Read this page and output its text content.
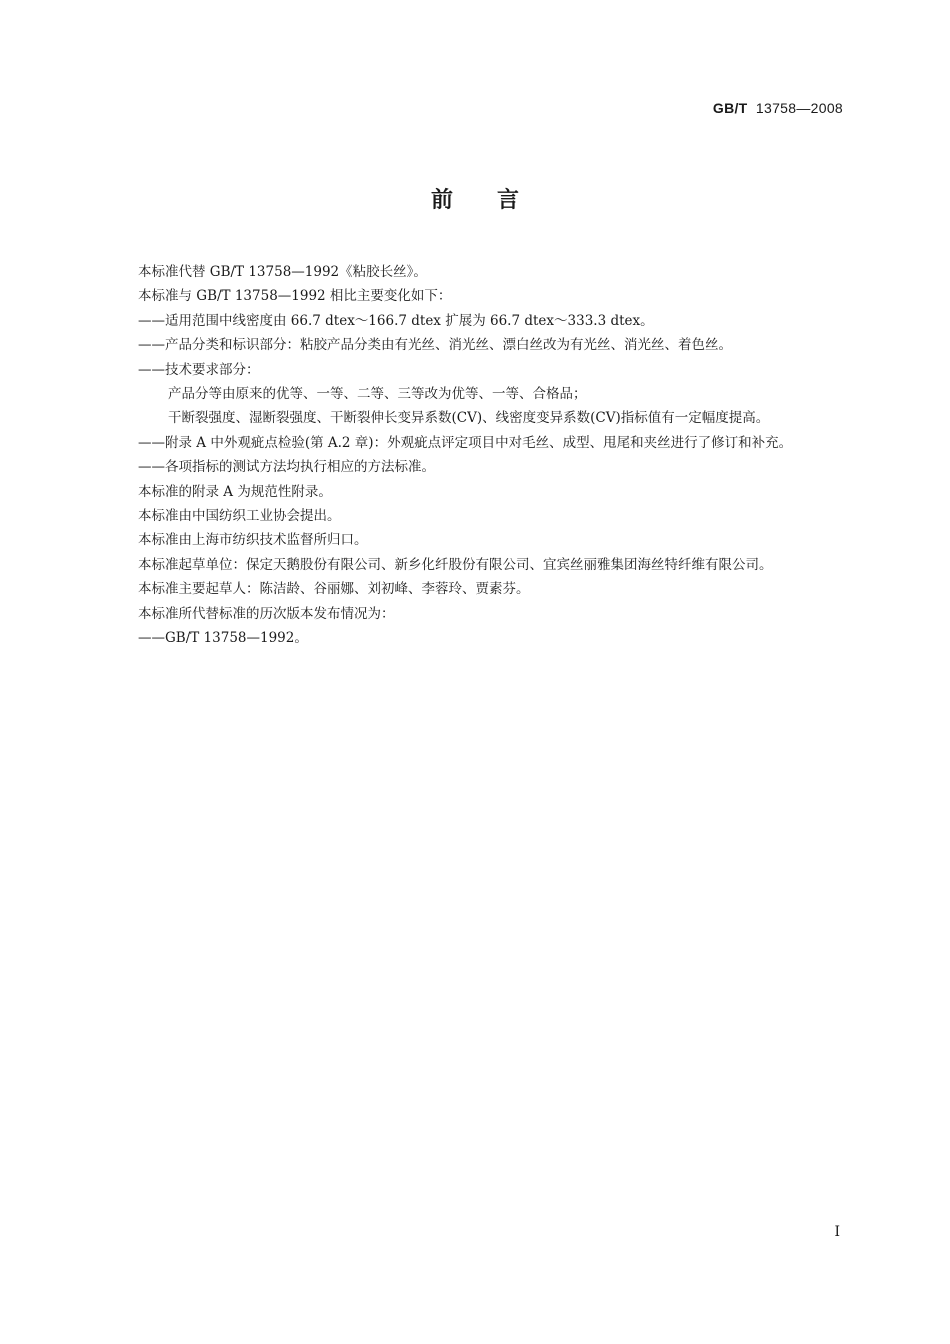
GB/T 13758—2008
前言

本标准代替 GB/T 13758—1992《粘胶长丝》。

本标准与 GB/T 13758—1992 相比主要变化如下：

——适用范围中线密度由 66.7 dtex～166.7 dtex 扩展为 66.7 dtex～333.3 dtex。

——产品分类和标识部分：粘胶产品分类由有光丝、消光丝、漂白丝改为有光丝、消光丝、着色丝。

——技术要求部分：

产品分等由原来的优等、一等、二等、三等改为优等、一等、合格品；

干断裂强度、湿断裂强度、干断裂伸长变异系数(CV)、线密度变异系数(CV)指标值有一定幅度提高。

——附录 A 中外观疵点检验(第 A.2 章)：外观疵点评定项目中对毛丝、成型、甩尾和夹丝进行了修订和补充。

——各项指标的测试方法均执行相应的方法标准。

本标准的附录 A 为规范性附录。

本标准由中国纺织工业协会提出。

本标准由上海市纺织技术监督所归口。

本标准起草单位：保定天鹅股份有限公司、新乡化纤股份有限公司、宜宾丝丽雅集团海丝特纤维有限公司。

本标准主要起草人：陈洁龄、谷丽娜、刘初峰、李蓉玲、贾素芬。

本标准所代替标准的历次版本发布情况为：

——GB/T 13758—1992。

I
